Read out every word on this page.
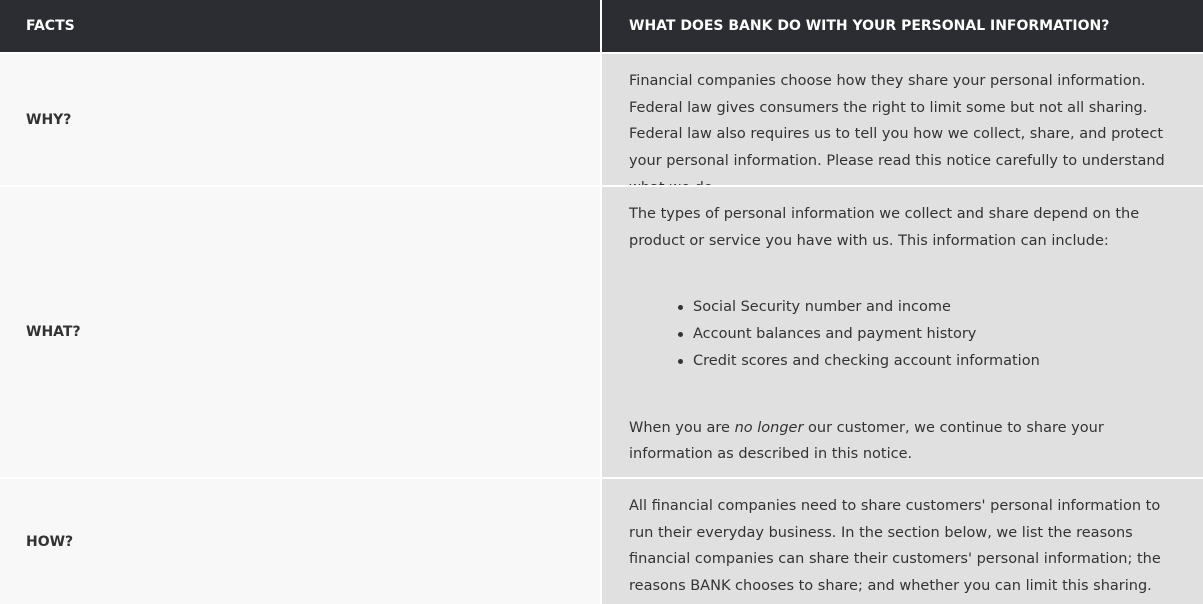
FACTS	WHAT DOES BANK DO WITH YOUR PERSONAL INFORMATION?
WHY?

Financial companies choose how they share your personal information. Federal law gives consumers the right to limit some but not all sharing. Federal law also requires us to tell you how we collect, share, and protect your personal information. Please read this notice carefully to understand

WHAT?

The types of personal information we collect and share depend on the product or service you have with us. This information can include:

Social Security number and income
Account balances and payment history
Credit scores and checking account information

When you are no longer our customer, we continue to share your information as described in this notice.

HOW?

All financial companies need to share customers' personal information to run their everyday business. In the section below, we list the reasons financial companies can share their customers' personal information; the reasons BANK chooses to share; and whether you can limit this sharing.
